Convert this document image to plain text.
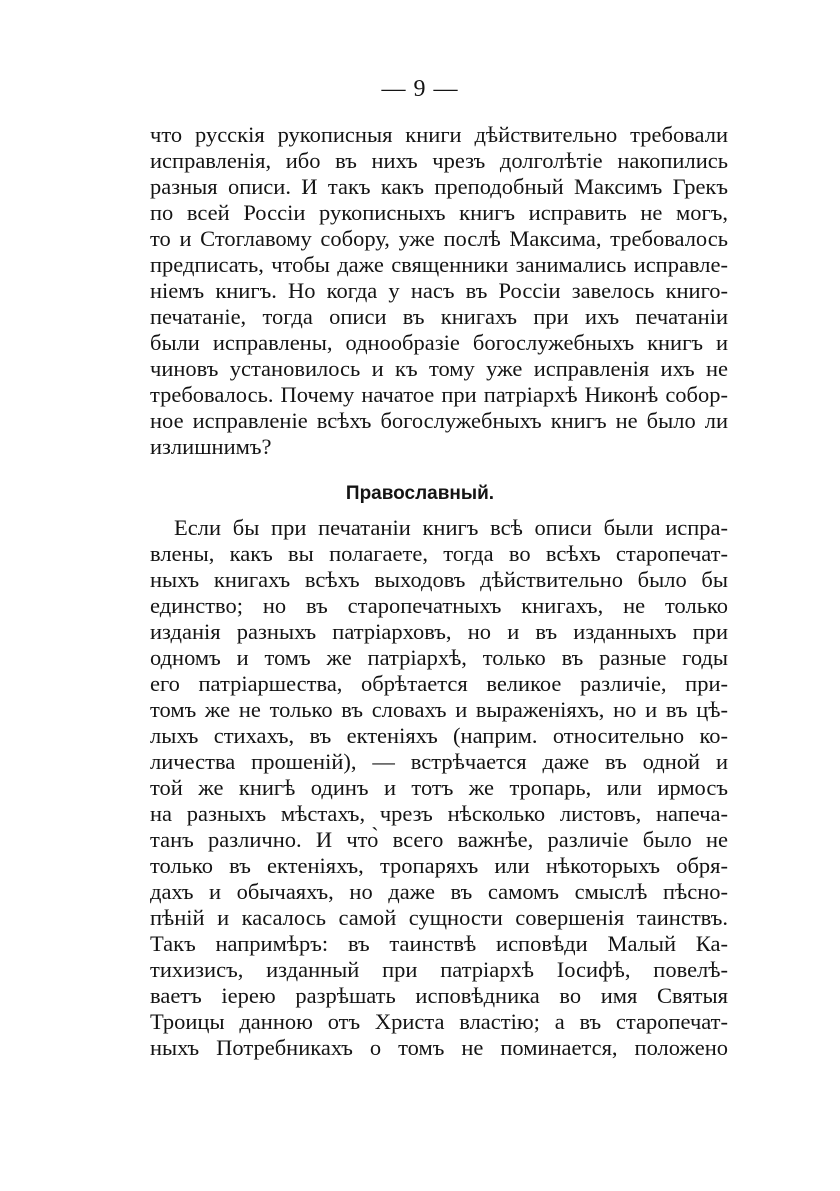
— 9 —
что русскія рукописныя книги дѣйствительно требовали
исправленія, ибо въ нихъ чрезъ долголѣтіе накопились
разныя описи. И такъ какъ преподобный Максимъ Грекъ
по всей Россіи рукописныхъ книгъ исправить не могъ,
то и Стоглавому собору, уже послѣ Максима, требовалось
предписать, чтобы даже священники занимались исправле-
ніемъ книгъ. Но когда у насъ въ Россіи завелось книго-
печатаніе, тогда описи въ книгахъ при ихъ печатаніи
были исправлены, однообразіе богослужебныхъ книгъ и
чиновъ установилось и къ тому уже исправленія ихъ не
требовалось. Почему начатое при патріархѣ Никонѣ собор-
ное исправленіе всѣхъ богослужебныхъ книгъ не было ли
излишнимъ?
Православный.
Если бы при печатаніи книгъ всѣ описи были испра-
влены, какъ вы полагаете, тогда во всѣхъ старопечат-
ныхъ книгахъ всѣхъ выходовъ дѣйствительно было бы
единство; но въ старопечатныхъ книгахъ, не только
изданія разныхъ патріарховъ, но и въ изданныхъ при
одномъ и томъ же патріархѣ, только въ разные годы
его патріаршества, обрѣтается великое различіе, при-
томъ же не только въ словахъ и выраженіяхъ, но и въ цѣ-
лыхъ стихахъ, въ ектеніяхъ (наприм. относительно ко-
личества прошеній), — встрѣчается даже въ одной и
той же книгѣ одинъ и тотъ же тропарь, или ирмосъ
на разныхъ мѣстахъ, чрезъ нѣсколько листовъ, напеча-
танъ различно. И что̀ всего важнѣе, различіе было не
только въ ектеніяхъ, тропаряхъ или нѣкоторыхъ обря-
дахъ и обычаяхъ, но даже въ самомъ смыслѣ пѣсно-
пѣній и касалось самой сущности совершенія таинствъ.
Такъ напримѣръ: въ таинствѣ исповѣди Малый Ка-
тихизисъ, изданный при патріархѣ Іосифѣ, повелѣ-
ваетъ іерею разрѣшать исповѣдника во имя Святыя
Троицы данною отъ Христа властію; а въ старопечат-
ныхъ Потребникахъ о томъ не поминается, положено
